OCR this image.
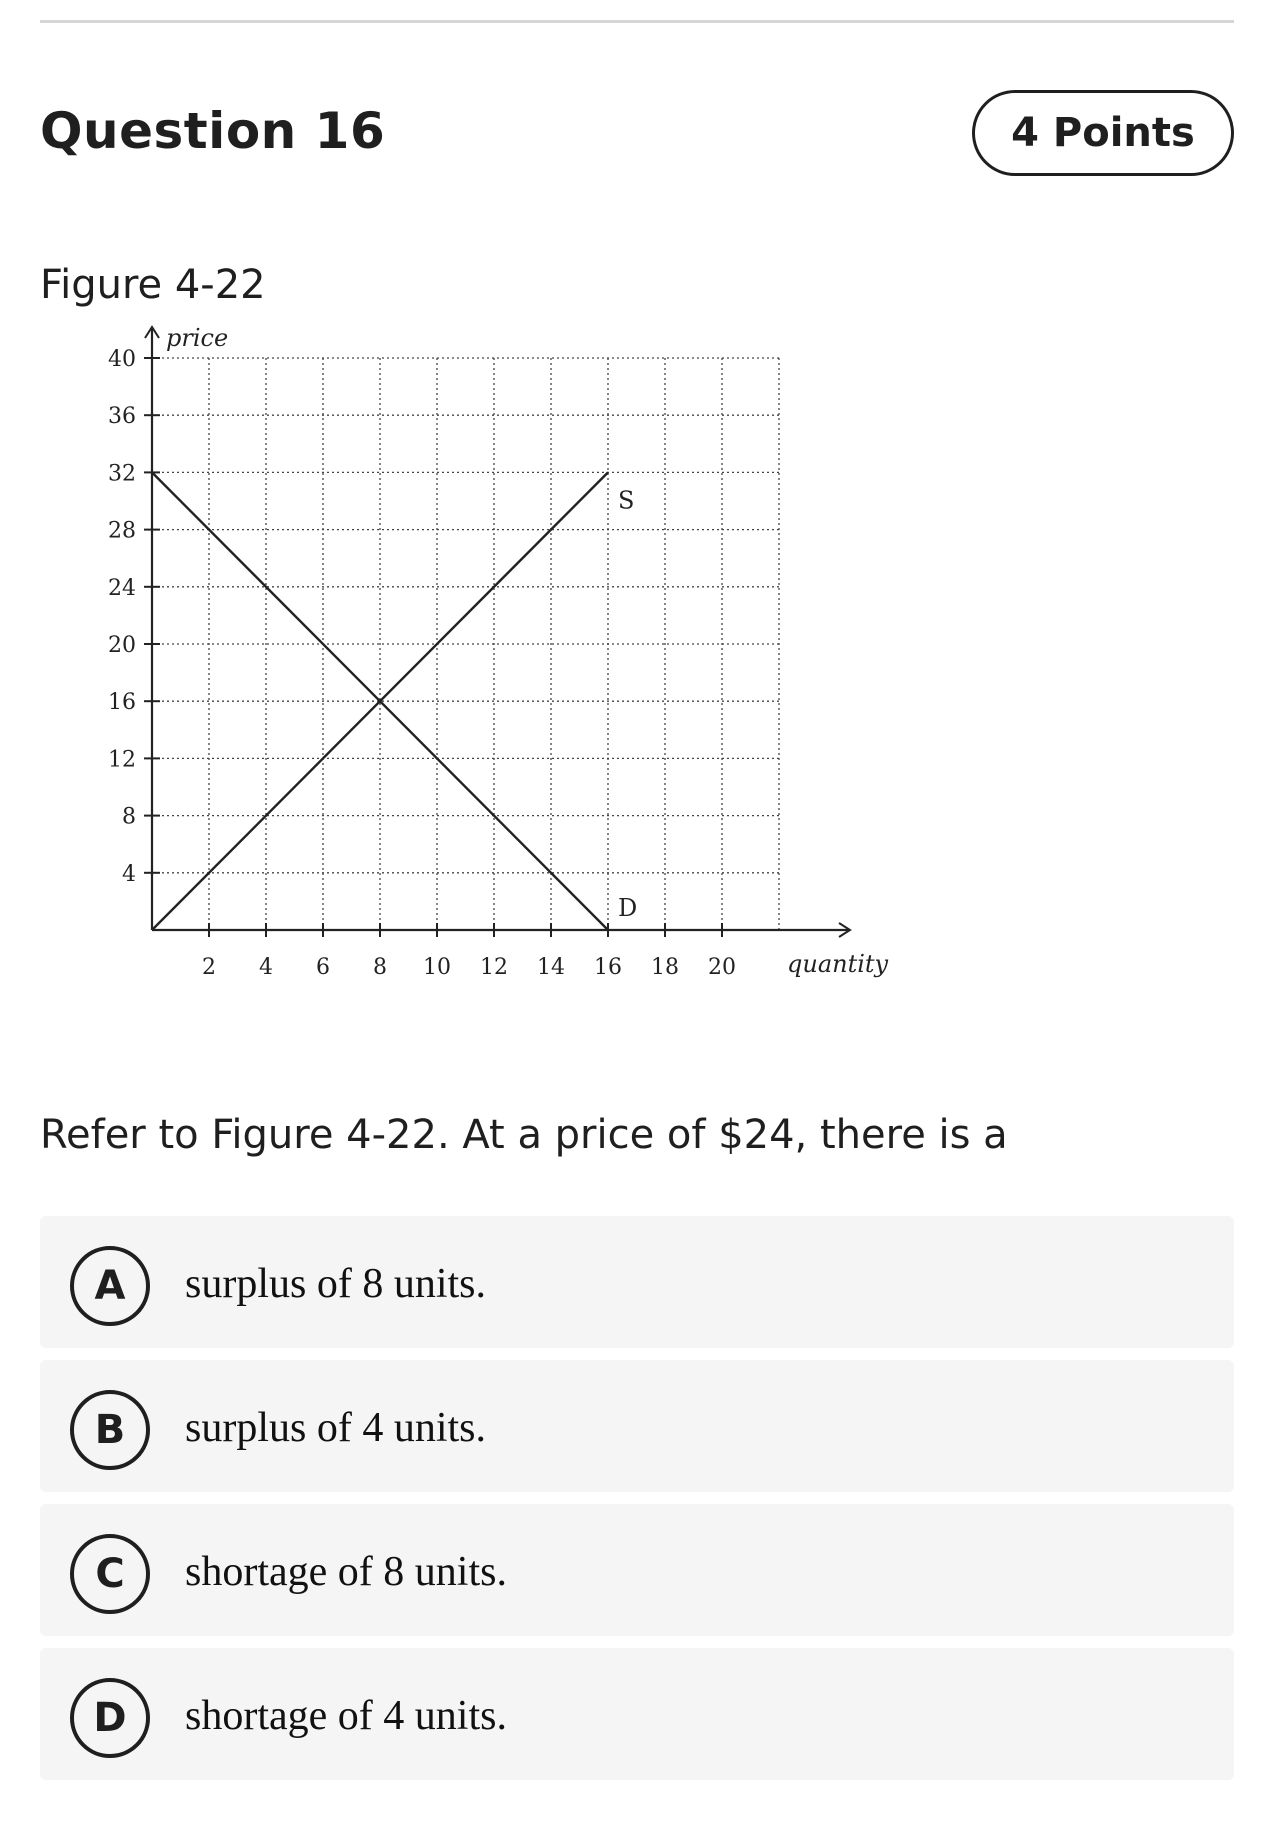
Question 16	4 Points
Figure 4-22
2 4 6 8 10 12 14 16 18 20
4
8
12
16
20
24
28
32
36
40
quantity
price
S
D
Refer to Figure 4-22. At a price of $24, there is a
A	surplus of 8 units.
B	surplus of 4 units.
C	shortage of 8 units.
D	shortage of 4 units.
